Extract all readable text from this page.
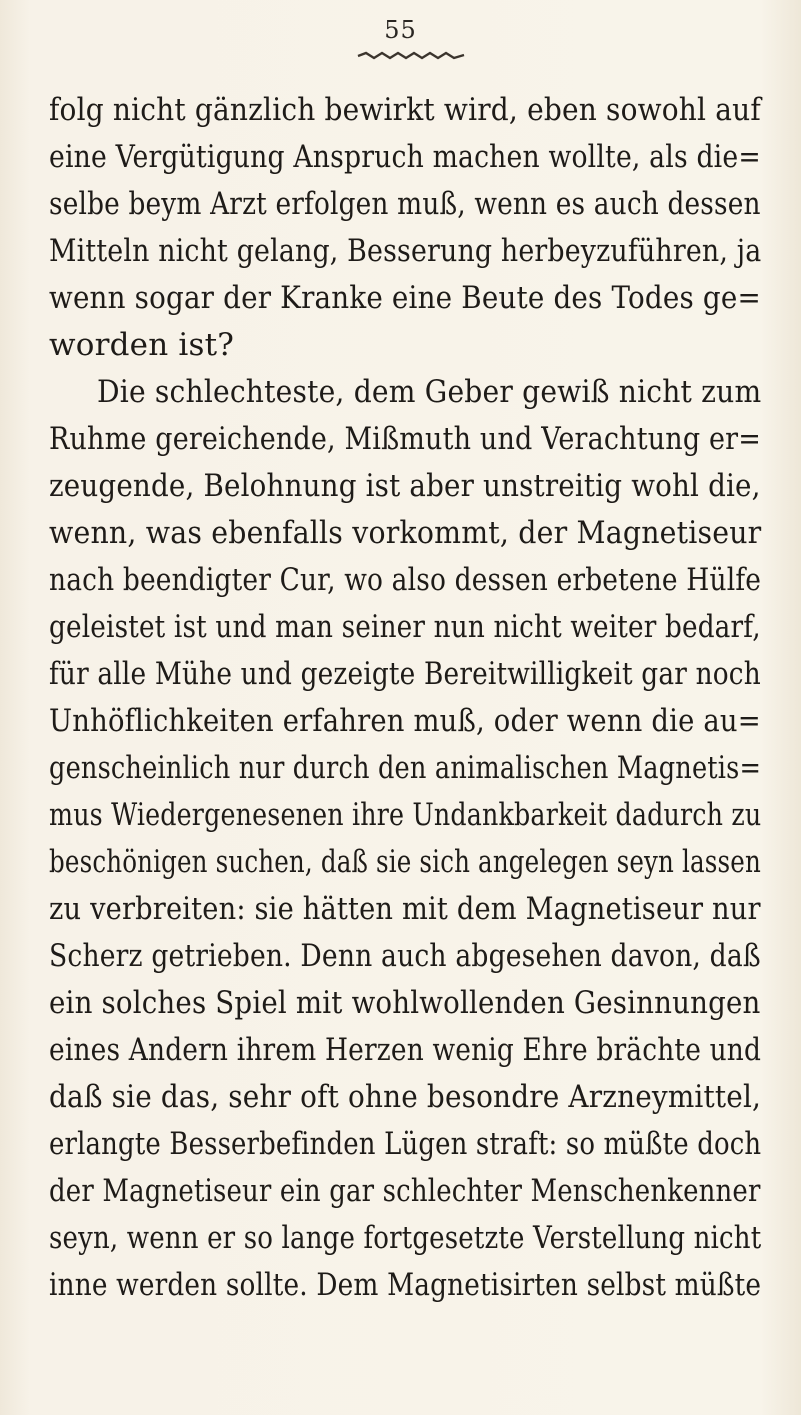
55
folg nicht gänzlich bewirkt wird, eben sowohl auf
eine Vergütigung Anspruch machen wollte, als die=
selbe beym Arzt erfolgen muß, wenn es auch dessen
Mitteln nicht gelang, Besserung herbeyzuführen, ja
wenn sogar der Kranke eine Beute des Todes ge=
worden ist?
Die schlechteste, dem Geber gewiß nicht zum
Ruhme gereichende, Mißmuth und Verachtung er=
zeugende, Belohnung ist aber unstreitig wohl die,
wenn, was ebenfalls vorkommt, der Magnetiseur
nach beendigter Cur, wo also dessen erbetene Hülfe
geleistet ist und man seiner nun nicht weiter bedarf,
für alle Mühe und gezeigte Bereitwilligkeit gar noch
Unhöflichkeiten erfahren muß, oder wenn die au=
genscheinlich nur durch den animalischen Magnetis=
mus Wiedergenesenen ihre Undankbarkeit dadurch zu
beschönigen suchen, daß sie sich angelegen seyn lassen
zu verbreiten: sie hätten mit dem Magnetiseur nur
Scherz getrieben. Denn auch abgesehen davon, daß
ein solches Spiel mit wohlwollenden Gesinnungen
eines Andern ihrem Herzen wenig Ehre brächte und
daß sie das, sehr oft ohne besondre Arzneymittel,
erlangte Besserbefinden Lügen straft: so müßte doch
der Magnetiseur ein gar schlechter Menschenkenner
seyn, wenn er so lange fortgesetzte Verstellung nicht
inne werden sollte. Dem Magnetisirten selbst müßte
